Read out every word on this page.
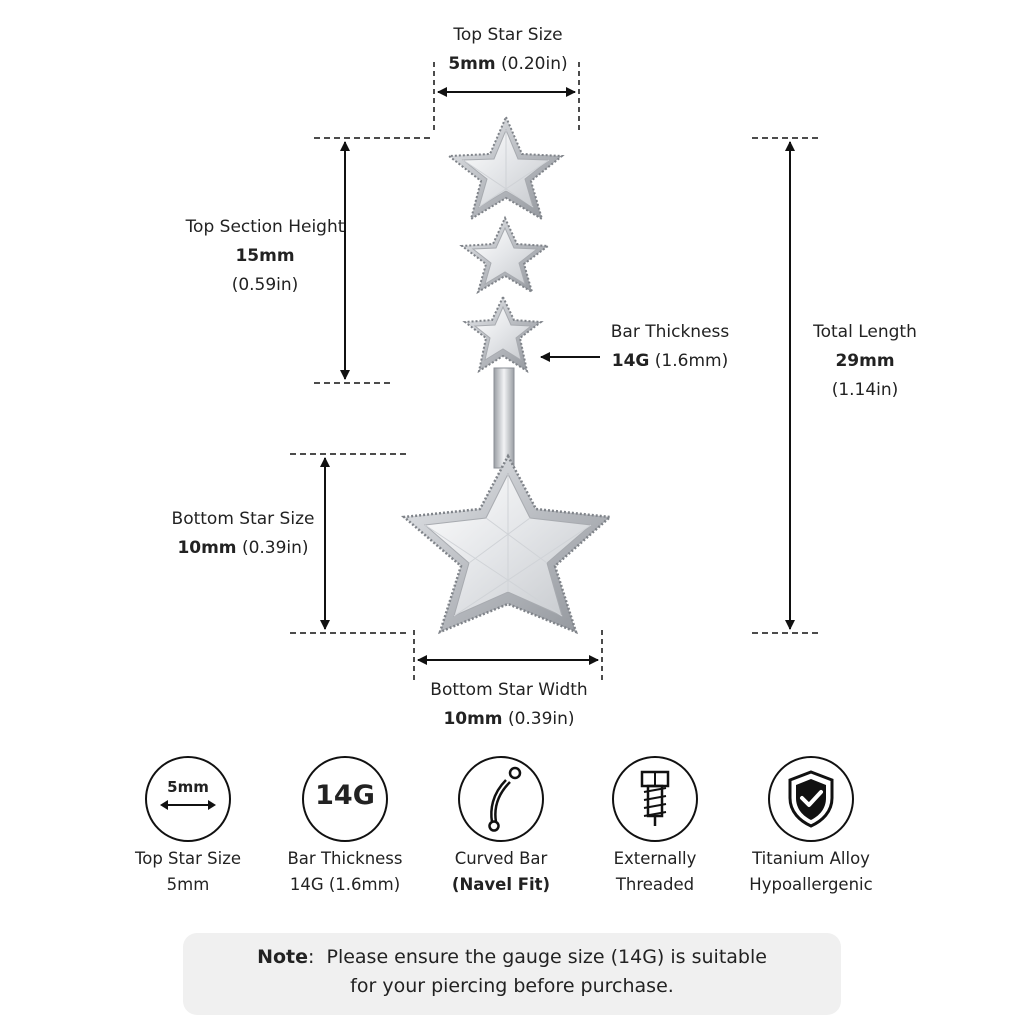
Top Star Size
5mm (0.20in)
Top Section Height
15mm
(0.59in)
Bar Thickness
14G (1.6mm)
Total Length
29mm
(1.14in)
Bottom Star Size
10mm (0.39in)
Bottom Star Width
10mm (0.39in)
5mm
Top Star Size
5mm
14G
Bar Thickness
14G (1.6mm)
Curved Bar
(Navel Fit)
Externally
Threaded
Titanium Alloy
Hypoallergenic
Note:  Please ensure the gauge size (14G) is suitable
for your piercing before purchase.
